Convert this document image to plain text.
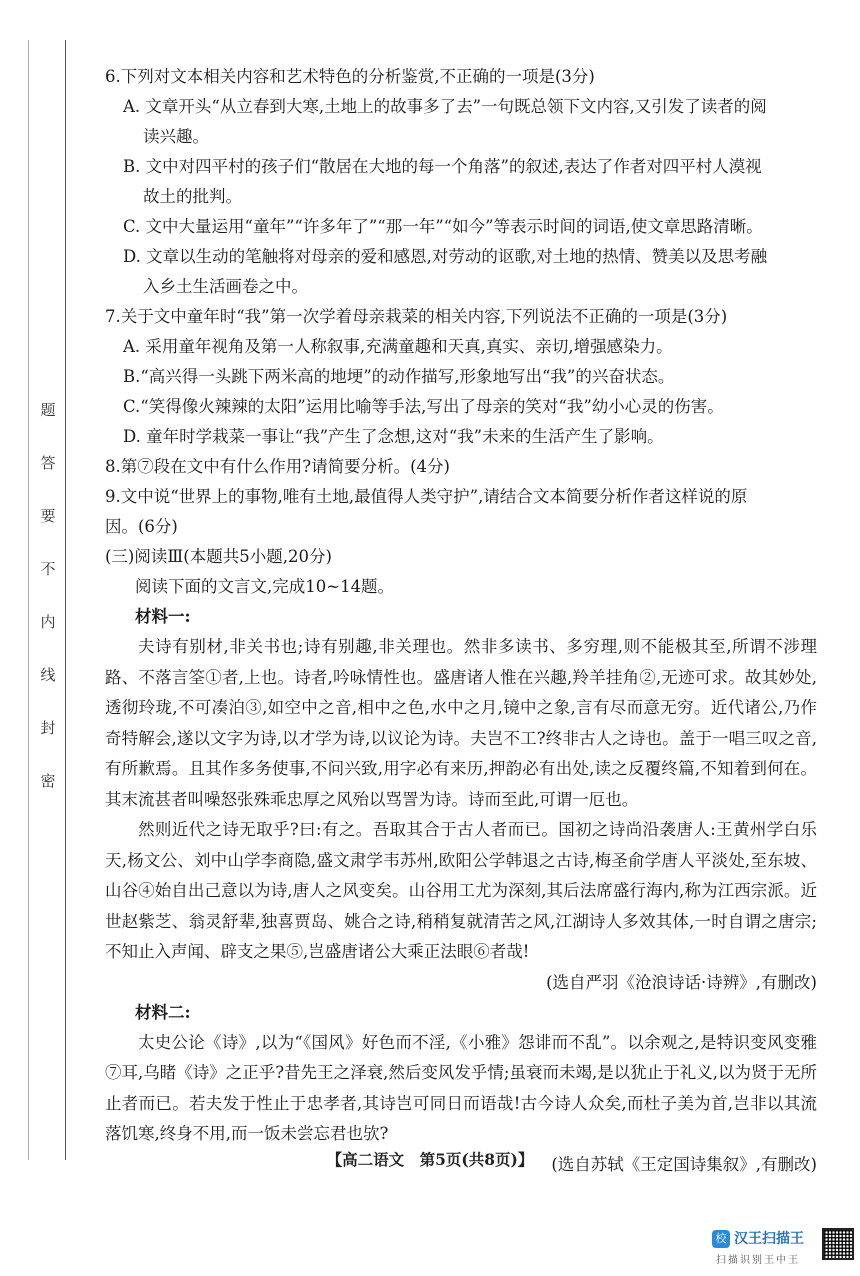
题
答
要
不
内
线
封
密

6.下列对文本相关内容和艺术特色的分析鉴赏,不正确的一项是(3分)

A. 文章开头“从立春到大寒,土地上的故事多了去”一句既总领下文内容,又引发了读者的阅
读兴趣。

B. 文中对四平村的孩子们“散居在大地的每一个角落”的叙述,表达了作者对四平村人漠视
故土的批判。

C. 文中大量运用“童年”“许多年了”“那一年”“如今”等表示时间的词语,使文章思路清晰。

D. 文章以生动的笔触将对母亲的爱和感恩,对劳动的讴歌,对土地的热情、赞美以及思考融
入乡土生活画卷之中。

7.关于文中童年时“我”第一次学着母亲栽菜的相关内容,下列说法不正确的一项是(3分)

A. 采用童年视角及第一人称叙事,充满童趣和天真,真实、亲切,增强感染力。

B.“高兴得一头跳下两米高的地埂”的动作描写,形象地写出“我”的兴奋状态。

C.“笑得像火辣辣的太阳”运用比喻等手法,写出了母亲的笑对“我”幼小心灵的伤害。

D. 童年时学栽菜一事让“我”产生了念想,这对“我”未来的生活产生了影响。

8.第⑦段在文中有什么作用?请简要分析。(4分)

9.文中说“世界上的事物,唯有土地,最值得人类守护”,请结合文本简要分析作者这样说的原
因。(6分)

(三)阅读Ⅲ(本题共5小题,20分)

阅读下面的文言文,完成10~14题。

材料一:

夫诗有别材,非关书也;诗有别趣,非关理也。然非多读书、多穷理,则不能极其至,所谓不涉理路、不落言筌①者,上也。诗者,吟咏情性也。盛唐诸人惟在兴趣,羚羊挂角②,无迹可求。故其妙处,透彻玲珑,不可凑泊③,如空中之音,相中之色,水中之月,镜中之象,言有尽而意无穷。近代诸公,乃作奇特解会,遂以文字为诗,以才学为诗,以议论为诗。夫岂不工?终非古人之诗也。盖于一唱三叹之音,有所歉焉。且其作多务使事,不问兴致,用字必有来历,押韵必有出处,读之反覆终篇,不知着到何在。其末流甚者叫噪怒张殊乖忠厚之风殆以骂詈为诗。诗而至此,可谓一厄也。

然则近代之诗无取乎?曰:有之。吾取其合于古人者而已。国初之诗尚沿袭唐人:王黄州学白乐天,杨文公、刘中山学李商隐,盛文肃学韦苏州,欧阳公学韩退之古诗,梅圣俞学唐人平淡处,至东坡、山谷④始自出己意以为诗,唐人之风变矣。山谷用工尤为深刻,其后法席盛行海内,称为江西宗派。近世赵紫芝、翁灵舒辈,独喜贾岛、姚合之诗,稍稍复就清苦之风,江湖诗人多效其体,一时自谓之唐宗;不知止入声闻、辟支之果⑤,岂盛唐诸公大乘正法眼⑥者哉!

(选自严羽《沧浪诗话·诗辨》,有删改)

材料二:

太史公论《诗》,以为“《国风》好色而不淫,《小雅》怨诽而不乱”。以余观之,是特识变风变雅⑦耳,乌睹《诗》之正乎?昔先王之泽衰,然后变风发乎情;虽衰而未竭,是以犹止于礼义,以为贤于无所止者而已。若夫发于性止于忠孝者,其诗岂可同日而语哉!古今诗人众矣,而杜子美为首,岂非以其流落饥寒,终身不用,而一饭未尝忘君也欤?

(选自苏轼《王定国诗集叙》,有删改)

【高二语文　第5页(共8页)】
校 汉王扫描王
扫描识别王中王
